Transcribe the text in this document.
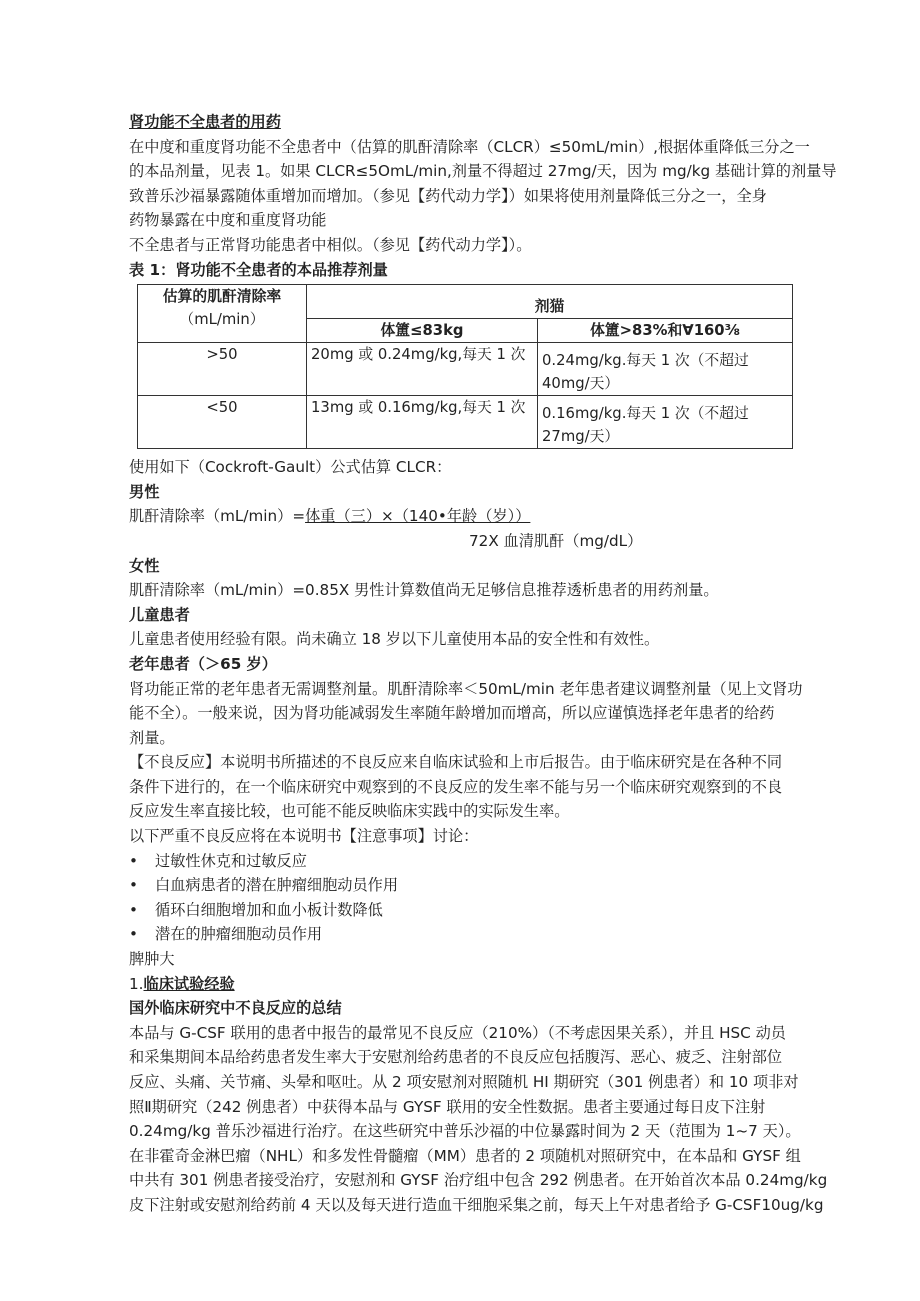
肾功能不全患者的用药
在中度和重度肾功能不全患者中（估算的肌酐清除率（CLCR）≤50mL/min）,根据体重降低三分之一
的本品剂量，见表 1。如果 CLCR≤5OmL/min,剂量不得超过 27mg/天，因为 mg/kg 基础计算的剂量导
致普乐沙福暴露随体重增加而增加。（参见【药代动力学】）如果将使用剂量降低三分之一，全身
药物暴露在中度和重度肾功能
不全患者与正常肾功能患者中相似。（参见【药代动力学】）。
表 1：肾功能不全患者的本品推荐剂量
估算的肌酐清除率
（mL/min）	剂猫	
	体簠≤83kg	体簠>83%和∀160⅜
>50	20mg 或 0.24mg/kg,每天 1 次	0.24mg/kg.每天 1 次（不超过
40mg/天）

<50	13mg 或 0.16mg/kg,每天 1 次	0.16mg/kg.每天 1 次（不超过
27mg/天）
使用如下（Cockroft-Gault）公式估算 CLCR：
男性
肌酐清除率（mL/min）=体重（三）×（140•年龄（岁））
72X 血清肌酐（mg/dL）
女性
肌酐清除率（mL/min）=0.85X 男性计算数值尚无足够信息推荐透析患者的用药剂量。
儿童患者
儿童患者使用经验有限。尚未确立 18 岁以下儿童使用本品的安全性和有效性。
老年患者（＞65 岁）
肾功能正常的老年患者无需调整剂量。肌酐清除率＜50mL/min 老年患者建议调整剂量（见上文肾功
能不全）。一般来说，因为肾功能减弱发生率随年龄增加而增高，所以应谨慎选择老年患者的给药
剂量。
【不良反应】本说明书所描述的不良反应来自临床试验和上市后报告。由于临床研究是在各种不同
条件下进行的，在一个临床研究中观察到的不良反应的发生率不能与另一个临床研究观察到的不良
反应发生率直接比较，也可能不能反映临床实践中的实际发生率。
以下严重不良反应将在本说明书【注意事项】讨论：
•	过敏性休克和过敏反应
•	白血病患者的潜在肿瘤细胞动员作用
•	循环白细胞增加和血小板计数降低
•	潜在的肿瘤细胞动员作用
脾肿大
1.临床试验经验
国外临床研究中不良反应的总结
本品与 G-CSF 联用的患者中报告的最常见不良反应（210%）（不考虑因果关系），并且 HSC 动员
和采集期间本品给药患者发生率大于安慰剂给药患者的不良反应包括腹泻、恶心、疲乏、注射部位
反应、头痛、关节痛、头晕和呕吐。从 2 项安慰剂对照随机 HI 期研究（301 例患者）和 10 项非对
照Ⅱ期研究（242 例患者）中获得本品与 GYSF 联用的安全性数据。患者主要通过每日皮下注射
0.24mg/kg 普乐沙福进行治疗。在这些研究中普乐沙福的中位暴露时间为 2 天（范围为 1~7 天）。
在非霍奇金淋巴瘤（NHL）和多发性骨髓瘤（MM）患者的 2 项随机对照研究中，在本品和 GYSF 组
中共有 301 例患者接受治疗，安慰剂和 GYSF 治疗组中包含 292 例患者。在开始首次本品 0.24mg/kg
皮下注射或安慰剂给药前 4 天以及每天进行造血干细胞采集之前，每天上午对患者给予 G-CSF10ug/kg
